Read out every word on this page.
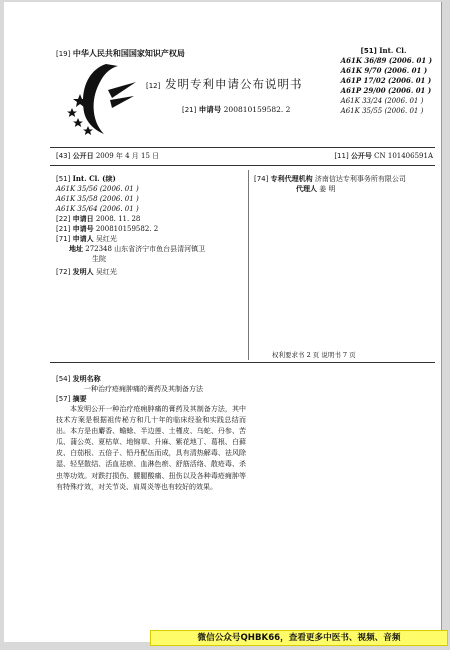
[19] 中华人民共和国国家知识产权局
[12] 发明专利申请公布说明书
[21] 申请号 200810159582. 2
[51] Int. Cl.
A61K 36/89 (2006. 01 )
A61K 9/70 (2006. 01 )
A61P 17/02 (2006. 01 )
A61P 29/00 (2006. 01 )
A61K 33/24 (2006. 01 )
A61K 35/55 (2006. 01 )
[43] 公开日 2009 年 4 月 15 日	[11] 公开号 CN 101406591A
[51] Int. Cl. (续)
A61K 35/56 (2006. 01 )
A61K 35/58 (2006. 01 )
A61K 35/64 (2006. 01 )
[22] 申请日 2008. 11. 28
[21] 申请号 200810159582. 2
[71] 申请人 吴红光
地址 272348 山东省济宁市鱼台县清河镇卫
生院
[72] 发明人 吴红光
[74] 专利代理机构 济南信达专利事务所有限公司
代理人 姜 明
权利要求书 2 页 说明书 7 页
[54] 发明名称
一种治疗疮痈肿痛的膏药及其制备方法
[57] 摘要
本发明公开一种治疗疮痈肿痛的膏药及其制备方法，其中技术方案是根据祖传秘方和几十年的临床经验和实践总结而出。本方是由麝香、蟾蜍、半边莲、土槿皮、乌蛇、丹参、苦瓜、蒲公英、夏枯草、地锦草、升麻、紫花地丁、葛根、白藓皮、白茄根、五倍子、铅丹配伍而成，具有清热解毒、祛风除湿、轻坚散结、活血祛瘀、血淋色瘀、舒筋活络、散疮毒、杀虫等功效。对跌打损伤、腰腿酸痛、扭伤以及各种毒疮痈肿等有特殊疗效，对关节炎、肩周炎等也有较好的效果。
微信公众号QHBK66，查看更多中医书、视频、音频
